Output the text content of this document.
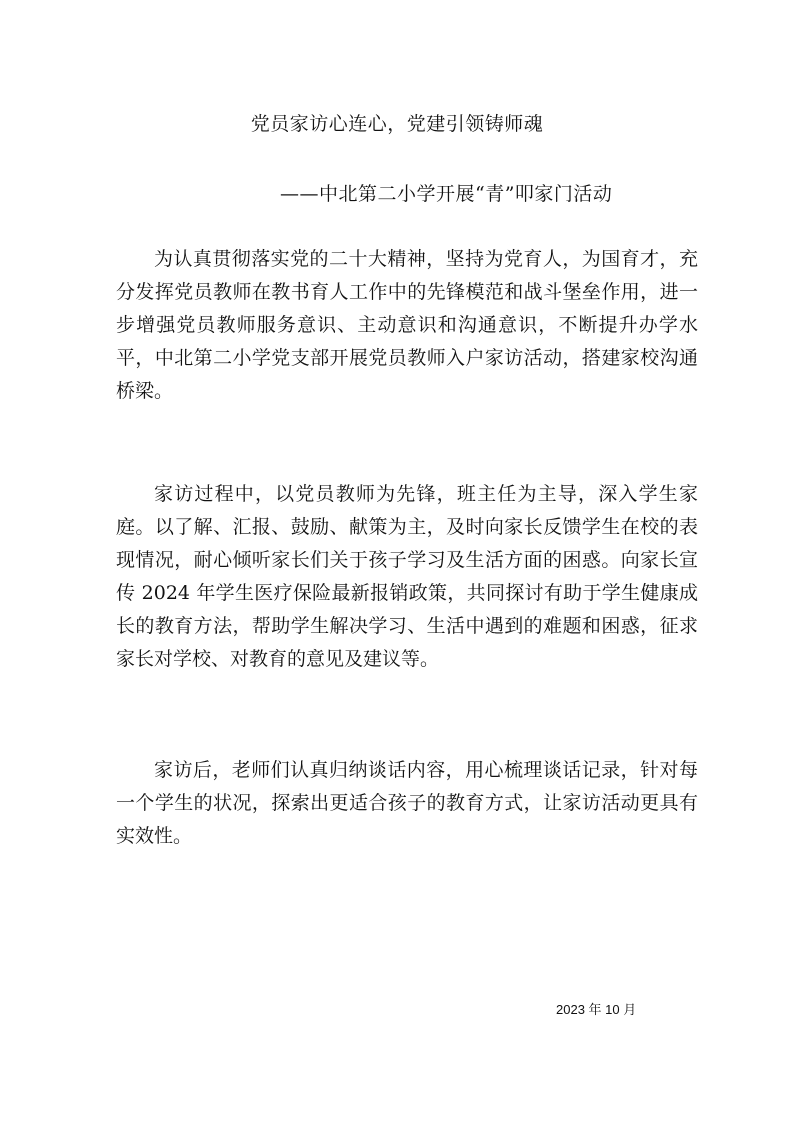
党员家访心连心，党建引领铸师魂
——中北第二小学开展“青”叩家门活动

为认真贯彻落实党的二十大精神，坚持为党育人，为国育才，充分发挥党员教师在教书育人工作中的先锋模范和战斗堡垒作用，进一步增强党员教师服务意识、主动意识和沟通意识，不断提升办学水平，中北第二小学党支部开展党员教师入户家访活动，搭建家校沟通桥梁。

家访过程中，以党员教师为先锋，班主任为主导，深入学生家庭。以了解、汇报、鼓励、献策为主，及时向家长反馈学生在校的表现情况，耐心倾听家长们关于孩子学习及生活方面的困惑。向家长宣传 2024 年学生医疗保险最新报销政策，共同探讨有助于学生健康成长的教育方法，帮助学生解决学习、生活中遇到的难题和困惑，征求家长对学校、对教育的意见及建议等。

家访后，老师们认真归纳谈话内容，用心梳理谈话记录，针对每一个学生的状况，探索出更适合孩子的教育方式，让家访活动更具有实效性。

2023 年 10 月
